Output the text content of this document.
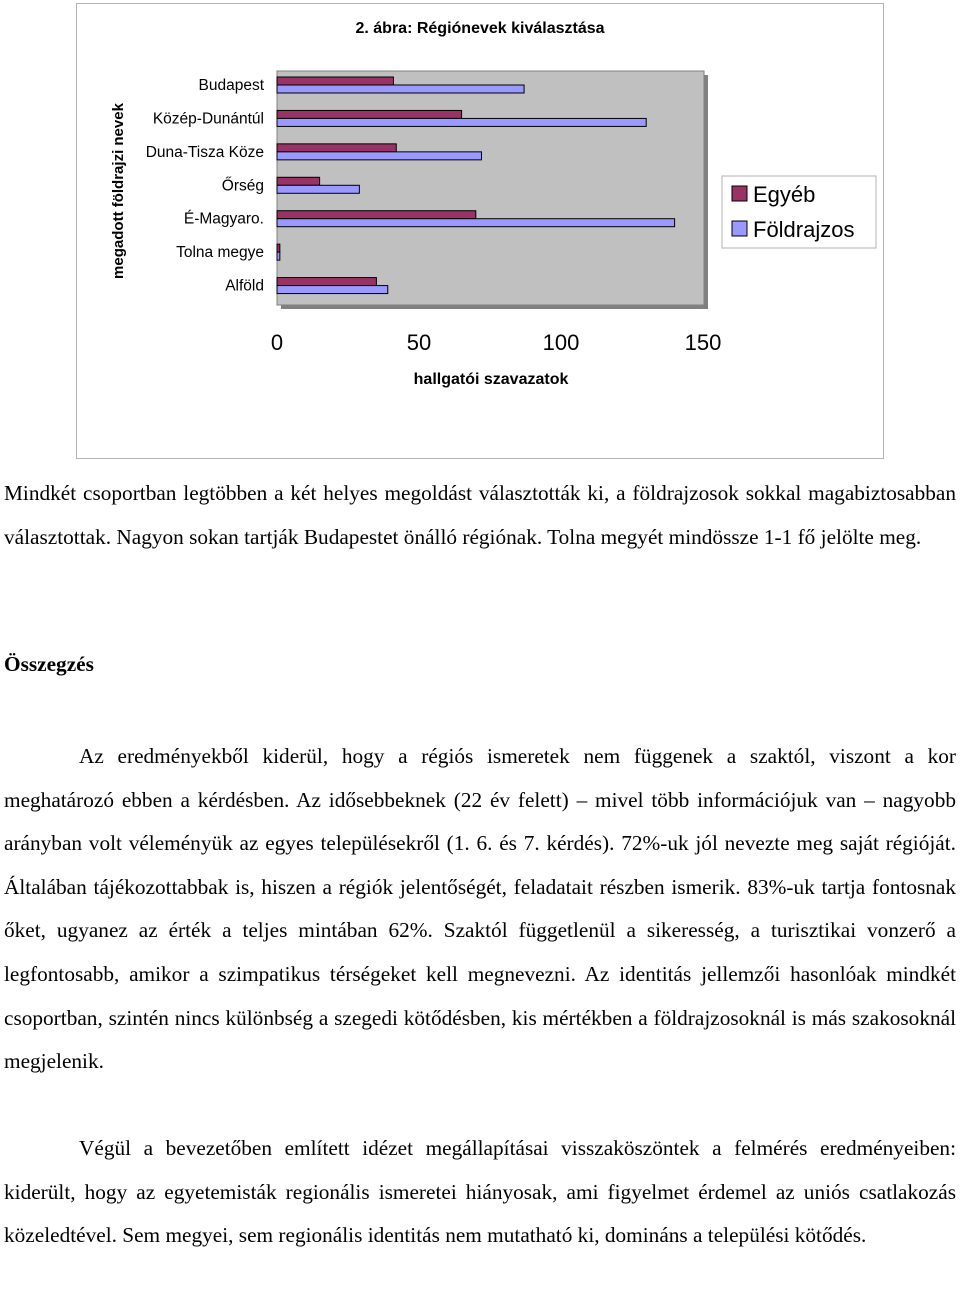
2. ábra: Régiónevek kiválasztása
megadott földrajzi nevek
hallgatói szavazatok
Budapest
Közép-Dunántúl
Duna-Tisza Köze
Őrség
É-Magyaro.
Tolna megye
Alföld
0	50	100	150
Egyéb
Földrajzos

Mindkét csoportban legtöbben a két helyes megoldást választották ki, a földrajzosok sokkal magabiztosabban választottak. Nagyon sokan tartják Budapestet önálló régiónak. Tolna megyét mindössze 1-1 fő jelölte meg.

Összegzés

Az eredményekből kiderül, hogy a régiós ismeretek nem függenek a szaktól, viszont a kor meghatározó ebben a kérdésben. Az idősebbeknek (22 év felett) – mivel több információjuk van – nagyobb arányban volt véleményük az egyes településekről (1. 6. és 7. kérdés). 72%-uk jól nevezte meg saját régióját. Általában tájékozottabbak is, hiszen a régiók jelentőségét, feladatait részben ismerik. 83%-uk tartja fontosnak őket, ugyanez az érték a teljes mintában 62%. Szaktól függetlenül a sikeresség, a turisztikai vonzerő a legfontosabb, amikor a szimpatikus térségeket kell megnevezni. Az identitás jellemzői hasonlóak mindkét csoportban, szintén nincs különbség a szegedi kötődésben, kis mértékben a földrajzosoknál is más szakosoknál megjelenik.

Végül a bevezetőben említett idézet megállapításai visszaköszöntek a felmérés eredményeiben: kiderült, hogy az egyetemisták regionális ismeretei hiányosak, ami figyelmet érdemel az uniós csatlakozás közeledtével. Sem megyei, sem regionális identitás nem mutatható ki, domináns a települési kötődés.
